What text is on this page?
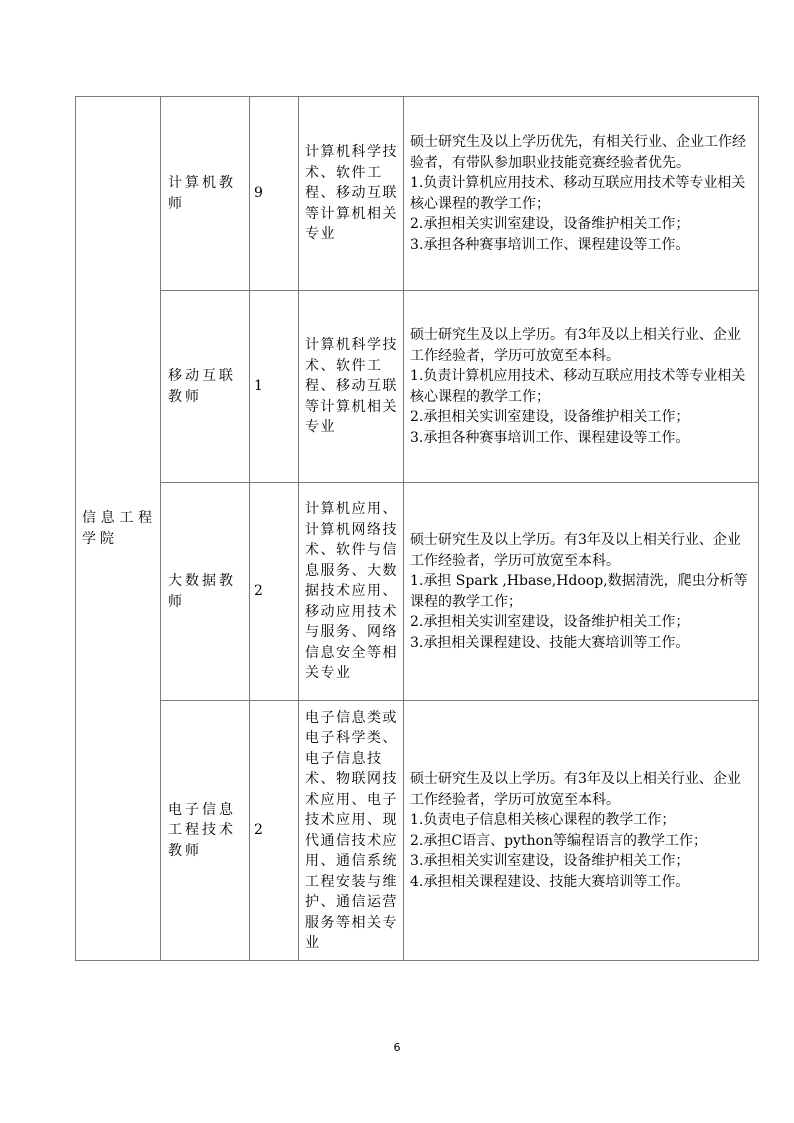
信息工程学院	计算机教师	9	计算机科学技术、软件工程、移动互联等计算机相关专业	硕士研究生及以上学历优先，有相关行业、企业工作经验者，有带队参加职业技能竞赛经验者优先。
1.负责计算机应用技术、移动互联应用技术等专业相关核心课程的教学工作；
2.承担相关实训室建设，设备维护相关工作；
3.承担各种赛事培训工作、课程建设等工作。

	移动互联教师	1	计算机科学技术、软件工程、移动互联等计算机相关专业	硕士研究生及以上学历。有3年及以上相关行业、企业工作经验者，学历可放宽至本科。
1.负责计算机应用技术、移动互联应用技术等专业相关核心课程的教学工作；
2.承担相关实训室建设，设备维护相关工作；
3.承担各种赛事培训工作、课程建设等工作。

	大数据教师	2	计算机应用、计算机网络技术、软件与信息服务、大数据技术应用、移动应用技术与服务、网络信息安全等相关专业	硕士研究生及以上学历。有3年及以上相关行业、企业工作经验者，学历可放宽至本科。
1.承担 Spark ,Hbase,Hdoop,数据清洗，爬虫分析等课程的教学工作；
2.承担相关实训室建设，设备维护相关工作；
3.承担相关课程建设、技能大赛培训等工作。

	电子信息工程技术教师	2	电子信息类或电子科学类、电子信息技术、物联网技术应用、电子技术应用、现代通信技术应用、通信系统工程安装与维护、通信运营服务等相关专业	硕士研究生及以上学历。有3年及以上相关行业、企业工作经验者，学历可放宽至本科。
1.负责电子信息相关核心课程的教学工作；
2.承担C语言、python等编程语言的教学工作；
3.承担相关实训室建设，设备维护相关工作；
4.承担相关课程建设、技能大赛培训等工作。
6
